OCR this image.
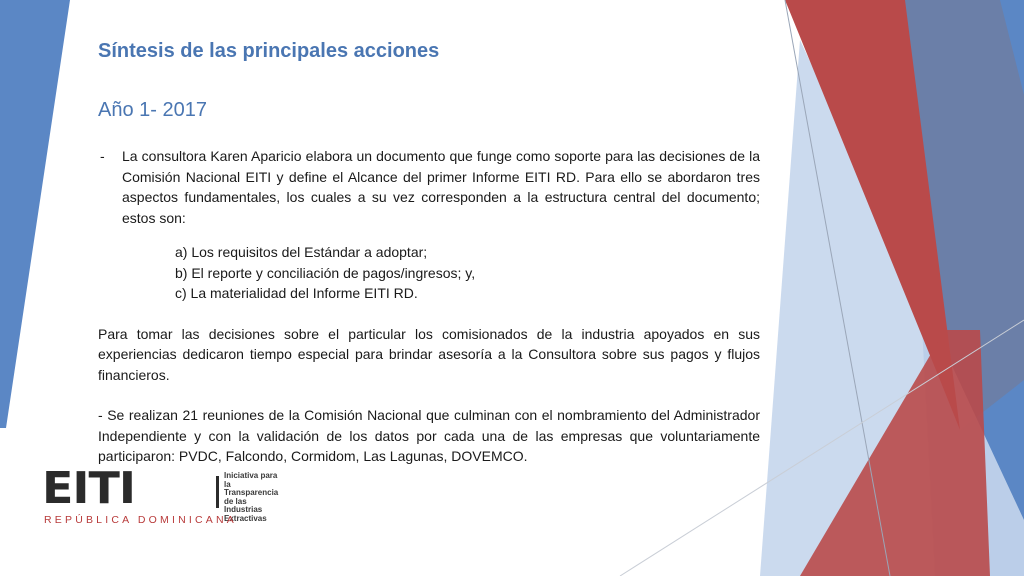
Síntesis de las principales acciones
Año 1- 2017

- La consultora Karen Aparicio elabora un documento que funge como soporte para las decisiones de la Comisión Nacional EITI y define el Alcance del primer Informe EITI RD. Para ello se abordaron tres aspectos fundamentales, los cuales a su vez corresponden a la estructura central del documento; estos son:

a) Los requisitos del Estándar a adoptar;
b) El reporte y conciliación de pagos/ingresos; y,
c) La materialidad del Informe EITI RD.

Para tomar las decisiones sobre el particular los comisionados de la industria apoyados en sus experiencias dedicaron tiempo especial para brindar asesoría a la Consultora sobre sus pagos y flujos financieros.

- Se realizan 21 reuniones de la Comisión Nacional que culminan con el nombramiento del Administrador Independiente y con la validación de los datos por cada una de las empresas que voluntariamente participaron: PVDC, Falcondo, Cormidom, Las Lagunas, DOVEMCO.

EITI	Iniciativa para
la Transparencia
de las Industrias
Extractivas
REPÚBLICA DOMINICANA
